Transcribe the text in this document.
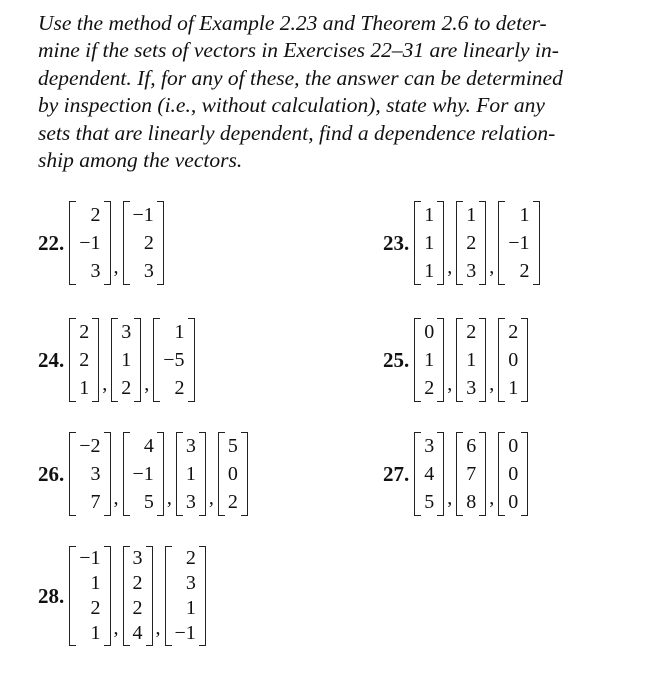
Use the method of Example 2.23 and Theorem 2.6 to deter-
mine if the sets of vectors in Exercises 22–31 are linearly in-
dependent. If, for any of these, the answer can be determined
by inspection (i.e., without calculation), state why. For any
sets that are linearly dependent, find a dependence relation-
ship among the vectors.
22.
2
−1
3 ,
−1
2
3
23.
1
1
1 ,
1
2
3 ,
1
−1
2
24.
2
2
1 ,
3
1
2 ,
1
−5
2
25.
0
1
2 ,
2
1
3 ,
2
0
1
26.
−2
3
7 ,
4
−1
5 ,
3
1
3 ,
5
0
2
27.
3
4
5 ,
6
7
8 ,
0
0
0
28.
−1
1
2
1 ,
3
2
2
4 ,
2
3
1
−1
